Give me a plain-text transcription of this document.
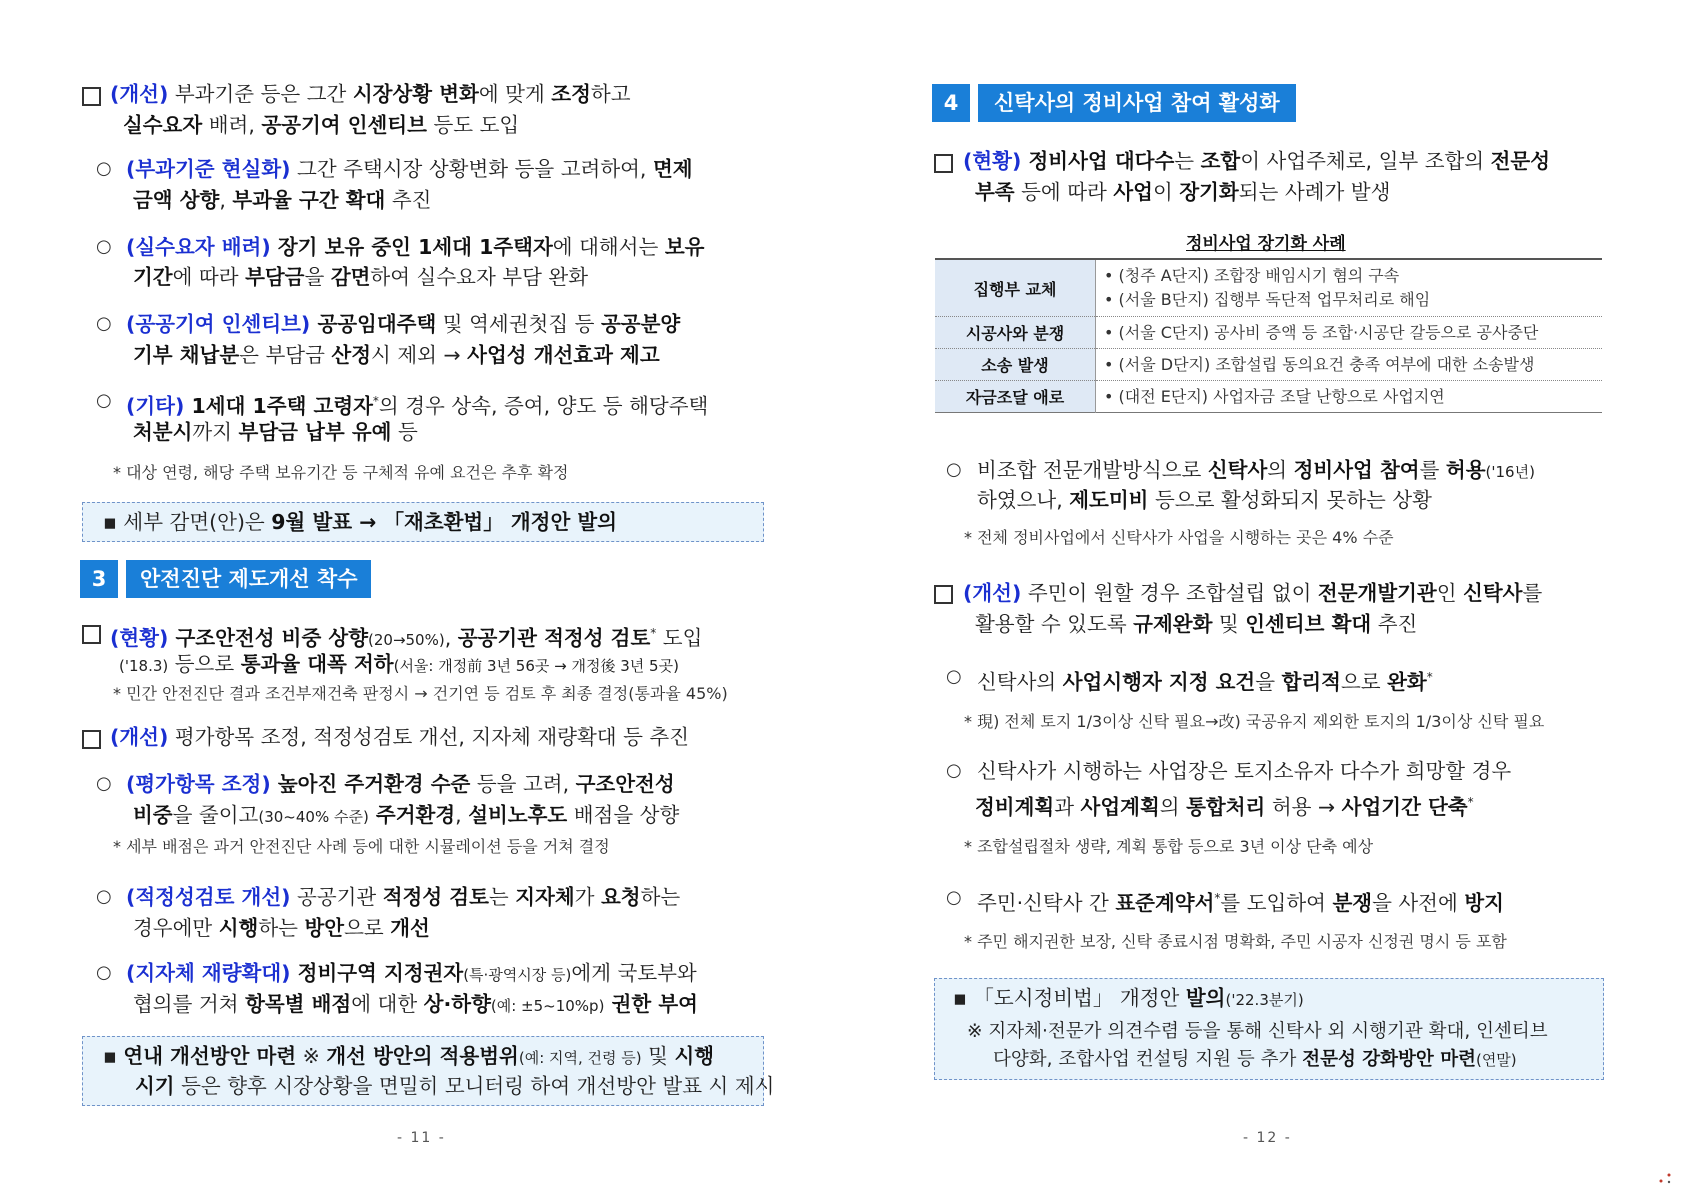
(개선) 부과기준 등은 그간 시장상황 변화에 맞게 조정하고
실수요자 배려, 공공기여 인센티브 등도 도입
○ (부과기준 현실화) 그간 주택시장 상황변화 등을 고려하여, 면제
금액 상향, 부과율 구간 확대 추진
○ (실수요자 배려) 장기 보유 중인 1세대 1주택자에 대해서는 보유
기간에 따라 부담금을 감면하여 실수요자 부담 완화
○ (공공기여 인센티브) 공공임대주택 및 역세권첫집 등 공공분양
기부 채납분은 부담금 산정시 제외 → 사업성 개선효과 제고
○ (기타) 1세대 1주택 고령자*의 경우 상속, 증여, 양도 등 해당주택
처분시까지 부담금 납부 유예 등
* 대상 연령, 해당 주택 보유기간 등 구체적 유예 요건은 추후 확정
▪ 세부 감면(안)은 9월 발표 → 「재초환법」 개정안 발의
3	안전진단 제도개선 착수
(현황) 구조안전성 비중 상향(20→50%), 공공기관 적정성 검토* 도입
('18.3) 등으로 통과율 대폭 저하(서울: 개정前 3년 56곳 → 개정後 3년 5곳)
* 민간 안전진단 결과 조건부재건축 판정시 → 건기연 등 검토 후 최종 결정(통과율 45%)
(개선) 평가항목 조정, 적정성검토 개선, 지자체 재량확대 등 추진
○ (평가항목 조정) 높아진 주거환경 수준 등을 고려, 구조안전성
비중을 줄이고(30~40% 수준) 주거환경, 설비노후도 배점을 상향
* 세부 배점은 과거 안전진단 사례 등에 대한 시뮬레이션 등을 거쳐 결정
○ (적정성검토 개선) 공공기관 적정성 검토는 지자체가 요청하는
경우에만 시행하는 방안으로 개선
○ (지자체 재량확대) 정비구역 지정권자(특·광역시장 등)에게 국토부와
협의를 거쳐 항목별 배점에 대한 상·하향(예: ±5~10%p) 권한 부여
▪ 연내 개선방안 마련 ※ 개선 방안의 적용범위(예: 지역, 건령 등) 및 시행
시기 등은 향후 시장상황을 면밀히 모니터링 하여 개선방안 발표 시 제시
- 11 -
4	신탁사의 정비사업 참여 활성화
(현황) 정비사업 대다수는 조합이 사업주체로, 일부 조합의 전문성
부족 등에 따라 사업이 장기화되는 사례가 발생
정비사업 장기화 사례
집행부 교체	• (청주 A단지) 조합장 배임시기 혐의 구속
• (서울 B단지) 집행부 독단적 업무처리로 해임

시공사와 분쟁	• (서울 C단지) 공사비 증액 등 조합·시공단 갈등으로 공사중단

소송 발생	• (서울 D단지) 조합설립 동의요건 충족 여부에 대한 소송발생

자금조달 애로	• (대전 E단지) 사업자금 조달 난항으로 사업지연
○ 비조합 전문개발방식으로 신탁사의 정비사업 참여를 허용('16년)
하였으나, 제도미비 등으로 활성화되지 못하는 상황
* 전체 정비사업에서 신탁사가 사업을 시행하는 곳은 4% 수준
(개선) 주민이 원할 경우 조합설립 없이 전문개발기관인 신탁사를
활용할 수 있도록 규제완화 및 인센티브 확대 추진
○ 신탁사의 사업시행자 지정 요건을 합리적으로 완화*
* 現) 전체 토지 1/3이상 신탁 필요→改) 국공유지 제외한 토지의 1/3이상 신탁 필요
○ 신탁사가 시행하는 사업장은 토지소유자 다수가 희망할 경우
정비계획과 사업계획의 통합처리 허용 → 사업기간 단축*
* 조합설립절차 생략, 계획 통합 등으로 3년 이상 단축 예상
○ 주민·신탁사 간 표준계약서*를 도입하여 분쟁을 사전에 방지
* 주민 해지권한 보장, 신탁 종료시점 명확화, 주민 시공자 신정권 명시 등 포함
▪ 「도시정비법」 개정안 발의('22.3분기)
※ 지자체·전문가 의견수렴 등을 통해 신탁사 외 시행기관 확대, 인센티브
다양화, 조합사업 컨설팅 지원 등 추가 전문성 강화방안 마련(연말)
- 12 -
